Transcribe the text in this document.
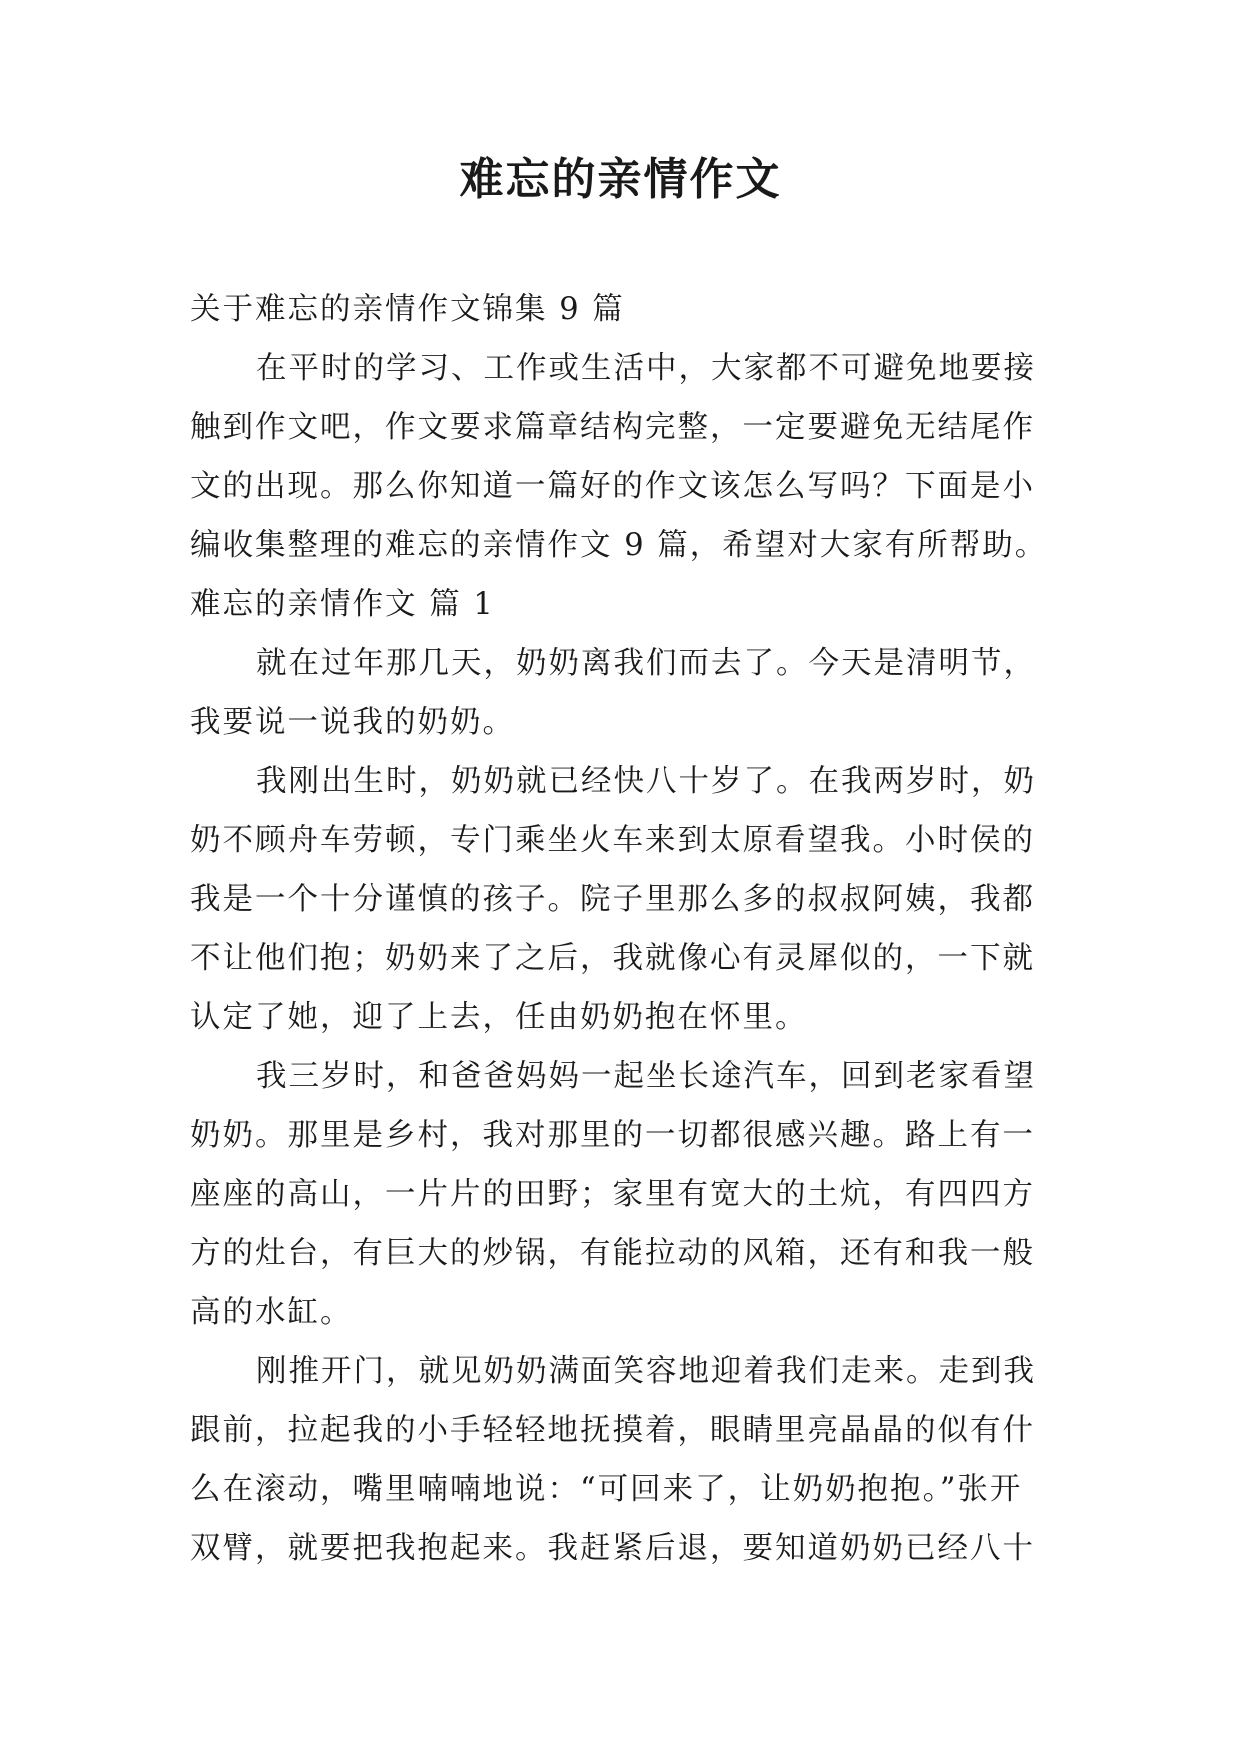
难忘的亲情作文

关于难忘的亲情作文锦集 9 篇

在平时的学习、工作或生活中，大家都不可避免地要接

触到作文吧，作文要求篇章结构完整，一定要避免无结尾作

文的出现。那么你知道一篇好的作文该怎么写吗？下面是小

编收集整理的难忘的亲情作文 9 篇，希望对大家有所帮助。

难忘的亲情作文 篇 1

就在过年那几天，奶奶离我们而去了。今天是清明节，

我要说一说我的奶奶。

我刚出生时，奶奶就已经快八十岁了。在我两岁时，奶

奶不顾舟车劳顿，专门乘坐火车来到太原看望我。小时侯的

我是一个十分谨慎的孩子。院子里那么多的叔叔阿姨，我都

不让他们抱；奶奶来了之后，我就像心有灵犀似的，一下就

认定了她，迎了上去，任由奶奶抱在怀里。

我三岁时，和爸爸妈妈一起坐长途汽车，回到老家看望

奶奶。那里是乡村，我对那里的一切都很感兴趣。路上有一

座座的高山，一片片的田野；家里有宽大的土炕，有四四方

方的灶台，有巨大的炒锅，有能拉动的风箱，还有和我一般

高的水缸。

刚推开门，就见奶奶满面笑容地迎着我们走来。走到我

跟前，拉起我的小手轻轻地抚摸着，眼睛里亮晶晶的似有什

么在滚动，嘴里喃喃地说：“可回来了，让奶奶抱抱。”张开

双臂，就要把我抱起来。我赶紧后退，要知道奶奶已经八十
